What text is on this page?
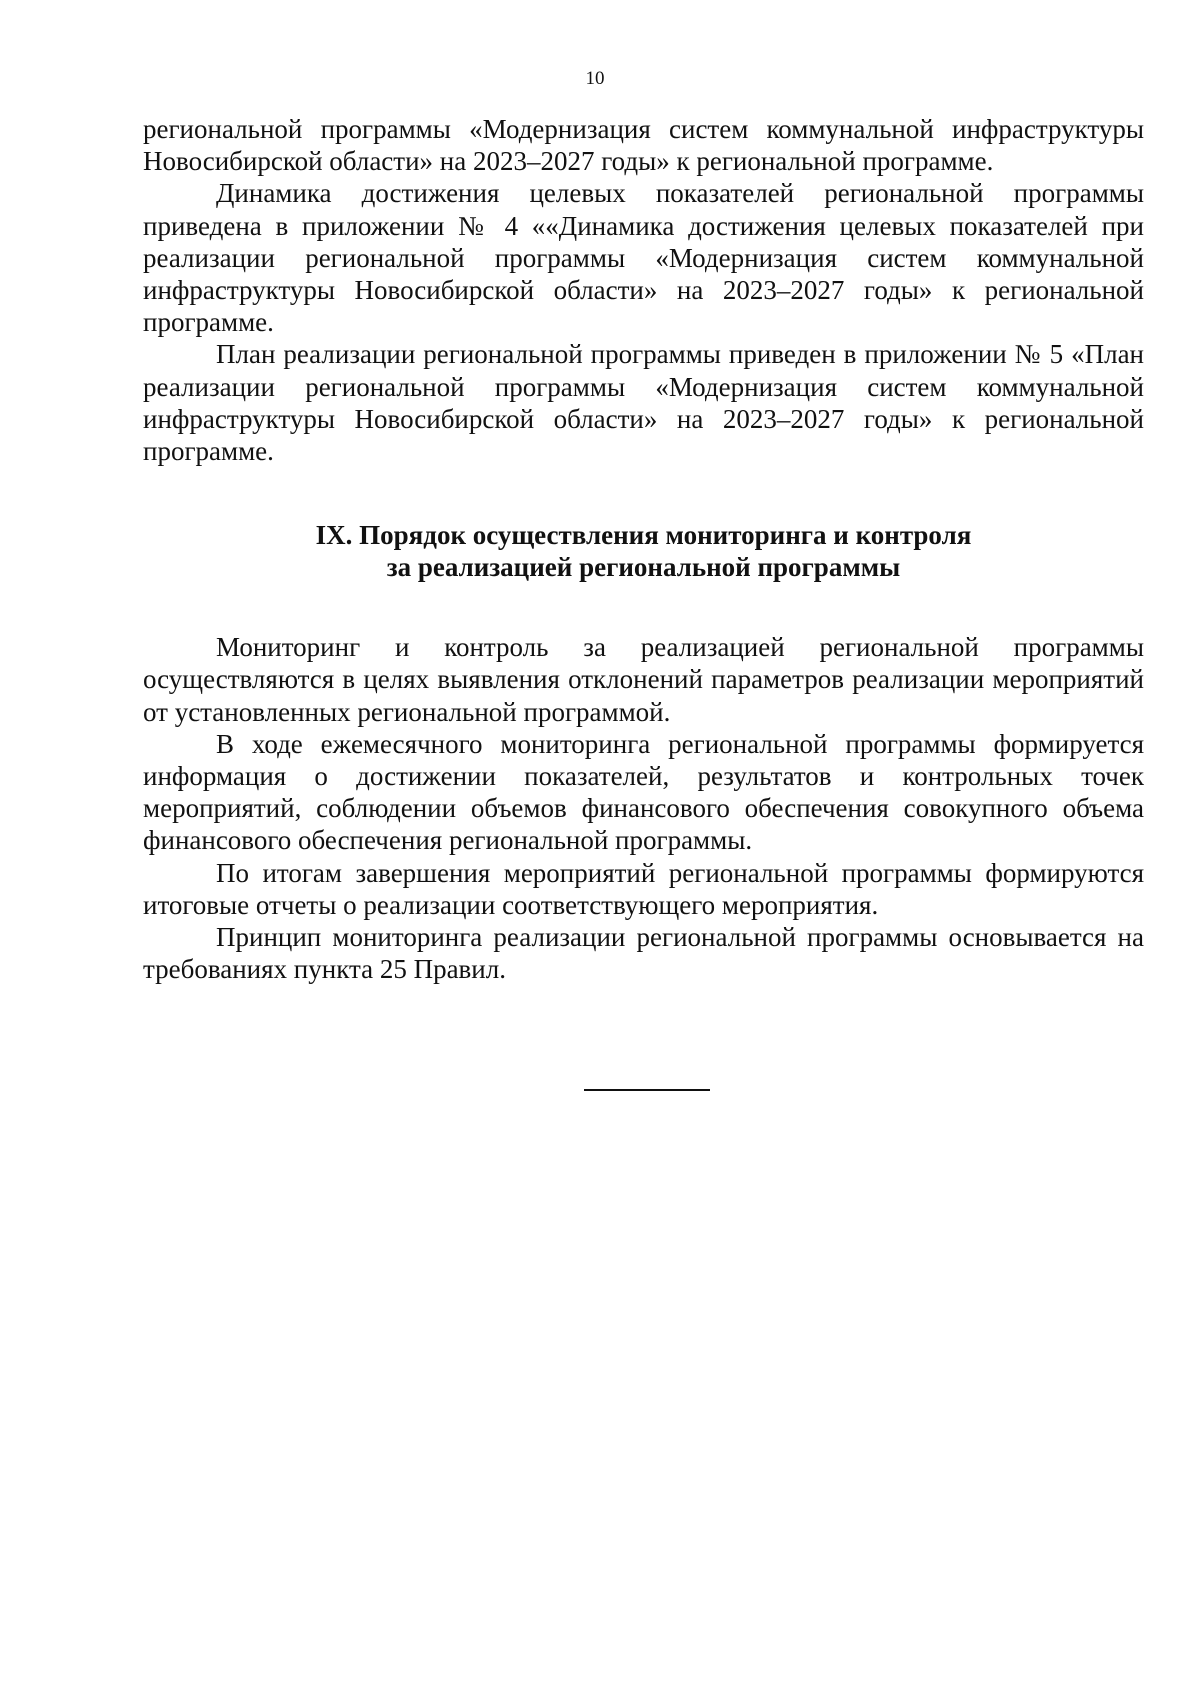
10

региональной программы «Модернизация систем коммунальной инфраструктуры Новосибирской области» на 2023–2027 годы» к региональной программе.

Динамика достижения целевых показателей региональной программы приведена в приложении № 4 ««Динамика достижения целевых показателей при реализации региональной программы «Модернизация систем коммунальной инфраструктуры Новосибирской области» на 2023–2027 годы» к региональной программе.

План реализации региональной программы приведен в приложении № 5 «План реализации региональной программы «Модернизация систем коммунальной инфраструктуры Новосибирской области» на 2023–2027 годы» к региональной программе.

IX. Порядок осуществления мониторинга и контроля
за реализацией региональной программы

Мониторинг и контроль за реализацией региональной программы осуществляются в целях выявления отклонений параметров реализации мероприятий от установленных региональной программой.

В ходе ежемесячного мониторинга региональной программы формируется информация о достижении показателей, результатов и контрольных точек мероприятий, соблюдении объемов финансового обеспечения совокупного объема финансового обеспечения региональной программы.

По итогам завершения мероприятий региональной программы формируются итоговые отчеты о реализации соответствующего мероприятия.

Принцип мониторинга реализации региональной программы основывается на требованиях пункта 25 Правил.
